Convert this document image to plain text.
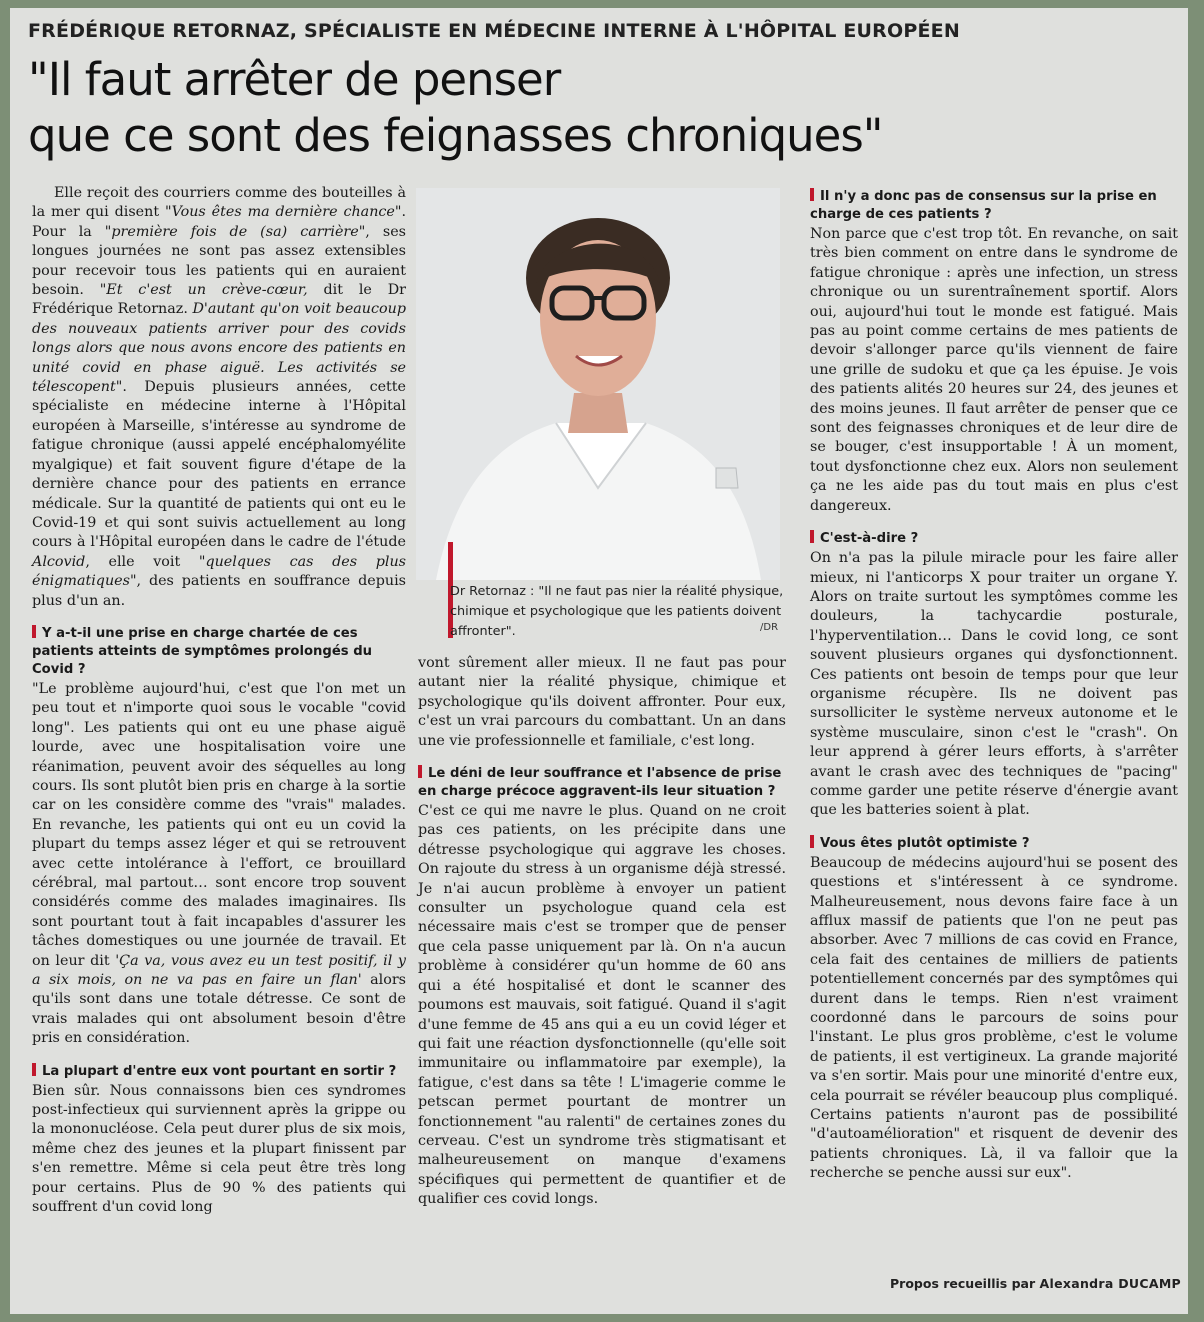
FRÉDÉRIQUE RETORNAZ, SPÉCIALISTE EN MÉDECINE INTERNE À L'HÔPITAL EUROPÉEN
"Il faut arrêter de penser
que ce sont des feignasses chroniques"

Elle reçoit des courriers comme des bouteilles à la mer qui disent "Vous êtes ma dernière chance". Pour la "première fois de (sa) carrière", ses longues journées ne sont pas assez extensibles pour recevoir tous les patients qui en auraient besoin. "Et c'est un crève-cœur, dit le Dr Frédérique Retornaz. D'autant qu'on voit beaucoup des nouveaux patients arriver pour des covids longs alors que nous avons encore des patients en unité covid en phase aiguë. Les activités se télescopent". Depuis plusieurs années, cette spécialiste en médecine interne à l'Hôpital européen à Marseille, s'intéresse au syndrome de fatigue chronique (aussi appelé encéphalomyélite myalgique) et fait souvent figure d'étape de la dernière chance pour des patients en errance médicale. Sur la quantité de patients qui ont eu le Covid-19 et qui sont suivis actuellement au long cours à l'Hôpital européen dans le cadre de l'étude Alcovid, elle voit "quelques cas des plus énigmatiques", des patients en souffrance depuis plus d'un an.

Y a-t-il une prise en charge chartée de ces patients atteints de symptômes prolongés du Covid ?

"Le problème aujourd'hui, c'est que l'on met un peu tout et n'importe quoi sous le vocable "covid long". Les patients qui ont eu une phase aiguë lourde, avec une hospitalisation voire une réanimation, peuvent avoir des séquelles au long cours. Ils sont plutôt bien pris en charge à la sortie car on les considère comme des "vrais" malades. En revanche, les patients qui ont eu un covid la plupart du temps assez léger et qui se retrouvent avec cette intolérance à l'effort, ce brouillard cérébral, mal partout… sont encore trop souvent considérés comme des malades imaginaires. Ils sont pourtant tout à fait incapables d'assurer les tâches domestiques ou une journée de travail. Et on leur dit 'Ça va, vous avez eu un test positif, il y a six mois, on ne va pas en faire un flan' alors qu'ils sont dans une totale détresse. Ce sont de vrais malades qui ont absolument besoin d'être pris en considération.

La plupart d'entre eux vont pourtant en sortir ?

Bien sûr. Nous connaissons bien ces syndromes post-infectieux qui surviennent après la grippe ou la mononucléose. Cela peut durer plus de six mois, même chez des jeunes et la plupart finissent par s'en remettre. Même si cela peut être très long pour certains. Plus de 90 % des patients qui souffrent d'un covid long

Dr Retornaz : "Il ne faut pas nier la réalité physique, chimique et psychologique que les patients doivent affronter".	/DR

vont sûrement aller mieux. Il ne faut pas pour autant nier la réalité physique, chimique et psychologique qu'ils doivent affronter. Pour eux, c'est un vrai parcours du combattant. Un an dans une vie professionnelle et familiale, c'est long.

Le déni de leur souffrance et l'absence de prise en charge précoce aggravent-ils leur situation ?

C'est ce qui me navre le plus. Quand on ne croit pas ces patients, on les précipite dans une détresse psychologique qui aggrave les choses. On rajoute du stress à un organisme déjà stressé. Je n'ai aucun problème à envoyer un patient consulter un psychologue quand cela est nécessaire mais c'est se tromper que de penser que cela passe uniquement par là. On n'a aucun problème à considérer qu'un homme de 60 ans qui a été hospitalisé et dont le scanner des poumons est mauvais, soit fatigué. Quand il s'agit d'une femme de 45 ans qui a eu un covid léger et qui fait une réaction dysfonctionnelle (qu'elle soit immunitaire ou inflammatoire par exemple), la fatigue, c'est dans sa tête ! L'imagerie comme le petscan permet pourtant de montrer un fonctionnement "au ralenti" de certaines zones du cerveau. C'est un syndrome très stigmatisant et malheureusement on manque d'examens spécifiques qui permettent de quantifier et de qualifier ces covid longs.

Il n'y a donc pas de consensus sur la prise en charge de ces patients ?

Non parce que c'est trop tôt. En revanche, on sait très bien comment on entre dans le syndrome de fatigue chronique : après une infection, un stress chronique ou un surentraînement sportif. Alors oui, aujourd'hui tout le monde est fatigué. Mais pas au point comme certains de mes patients de devoir s'allonger parce qu'ils viennent de faire une grille de sudoku et que ça les épuise. Je vois des patients alités 20 heures sur 24, des jeunes et des moins jeunes. Il faut arrêter de penser que ce sont des feignasses chroniques et de leur dire de se bouger, c'est insupportable ! À un moment, tout dysfonctionne chez eux. Alors non seulement ça ne les aide pas du tout mais en plus c'est dangereux.

C'est-à-dire ?

On n'a pas la pilule miracle pour les faire aller mieux, ni l'anticorps X pour traiter un organe Y. Alors on traite surtout les symptômes comme les douleurs, la tachycardie posturale, l'hyperventilation… Dans le covid long, ce sont souvent plusieurs organes qui dysfonctionnent. Ces patients ont besoin de temps pour que leur organisme récupère. Ils ne doivent pas sursolliciter le système nerveux autonome et le système musculaire, sinon c'est le "crash". On leur apprend à gérer leurs efforts, à s'arrêter avant le crash avec des techniques de "pacing" comme garder une petite réserve d'énergie avant que les batteries soient à plat.

Vous êtes plutôt optimiste ?

Beaucoup de médecins aujourd'hui se posent des questions et s'intéressent à ce syndrome. Malheureusement, nous devons faire face à un afflux massif de patients que l'on ne peut pas absorber. Avec 7 millions de cas covid en France, cela fait des centaines de milliers de patients potentiellement concernés par des symptômes qui durent dans le temps. Rien n'est vraiment coordonné dans le parcours de soins pour l'instant. Le plus gros problème, c'est le volume de patients, il est vertigineux. La grande majorité va s'en sortir. Mais pour une minorité d'entre eux, cela pourrait se révéler beaucoup plus compliqué. Certains patients n'auront pas de possibilité "d'autoamélioration" et risquent de devenir des patients chroniques. Là, il va falloir que la recherche se penche aussi sur eux".

Propos recueillis par Alexandra DUCAMP
